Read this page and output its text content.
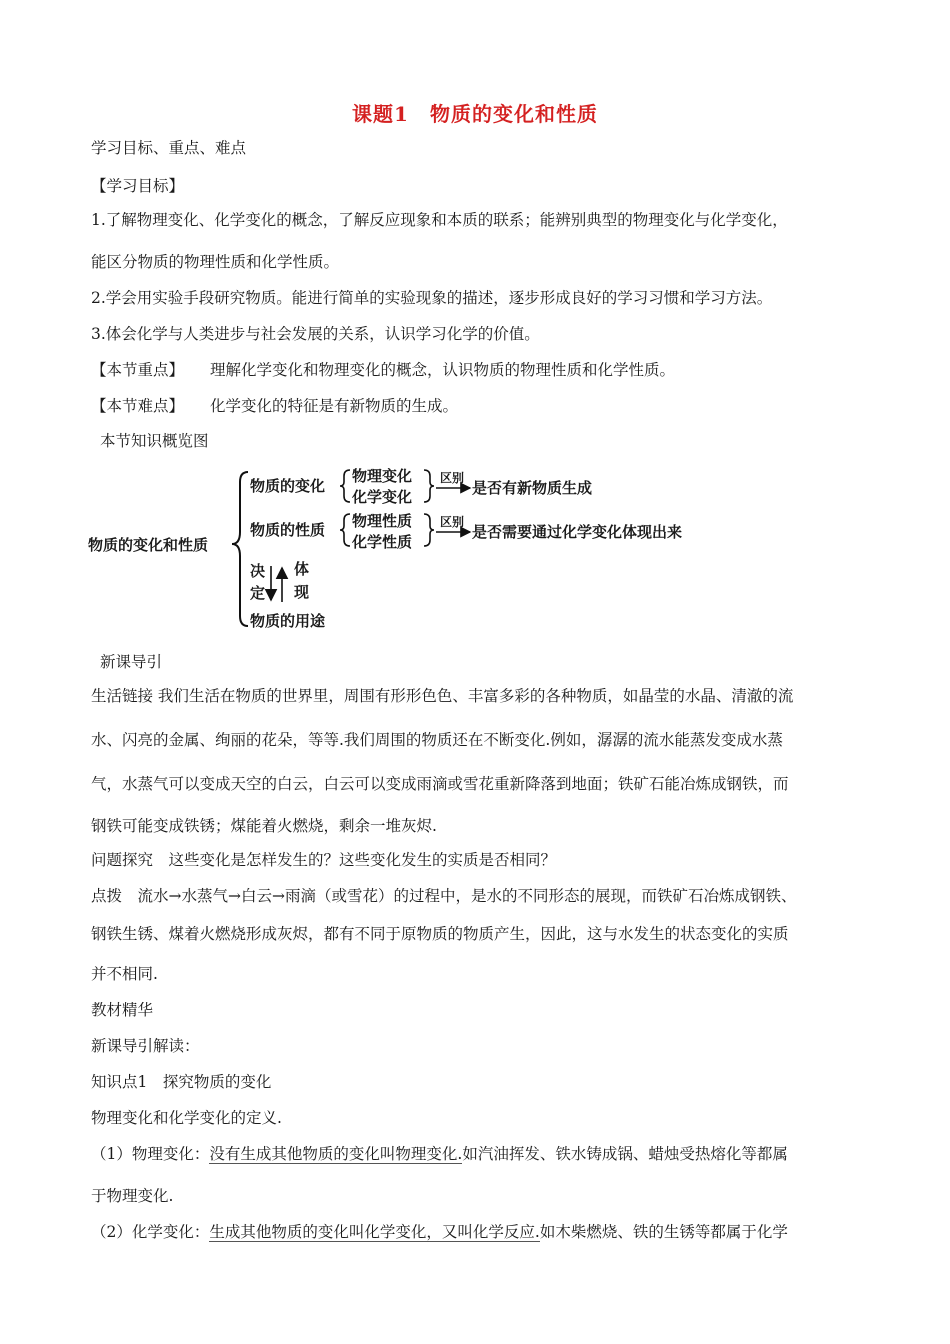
课题1　物质的变化和性质
学习目标、重点、难点
【学习目标】
1.了解物理变化、化学变化的概念，了解反应现象和本质的联系；能辨别典型的物理变化与化学变化，
能区分物质的物理性质和化学性质。
2.学会用实验手段研究物质。能进行简单的实验现象的描述，逐步形成良好的学习习惯和学习方法。
3.体会化学与人类进步与社会发展的关系，认识学习化学的价值。
【本节重点】 理解化学变化和物理变化的概念，认识物质的物理性质和化学性质。
【本节难点】 化学变化的特征是有新物质的生成。
本节知识概览图
物质的变化和性质
物质的变化
物理变化
化学变化
区别
是否有新物质生成
物质的性质 物理性质
化学性质
区别
是否需要通过化学变化体现出来
决
定
体
现
物质的用途
新课导引
生活链接 我们生活在物质的世界里，周围有形形色色、丰富多彩的各种物质，如晶莹的水晶、清澈的流
水、闪亮的金属、绚丽的花朵，等等.我们周围的物质还在不断变化.例如，潺潺的流水能蒸发变成水蒸
气，水蒸气可以变成天空的白云，白云可以变成雨滴或雪花重新降落到地面；铁矿石能冶炼成钢铁，而
钢铁可能变成铁锈；煤能着火燃烧，剩余一堆灰烬.
问题探究　这些变化是怎样发生的？这些变化发生的实质是否相同？
点拨　流水→水蒸气→白云→雨滴（或雪花）的过程中，是水的不同形态的展现，而铁矿石冶炼成钢铁、
钢铁生锈、煤着火燃烧形成灰烬，都有不同于原物质的物质产生，因此，这与水发生的状态变化的实质
并不相同.
教材精华
新课导引解读：
知识点1　探究物质的变化
物理变化和化学变化的定义.
（1）物理变化：没有生成其他物质的变化叫物理变化.如汽油挥发、铁水铸成锅、蜡烛受热熔化等都属
于物理变化.
（2）化学变化：生成其他物质的变化叫化学变化，又叫化学反应.如木柴燃烧、铁的生锈等都属于化学
